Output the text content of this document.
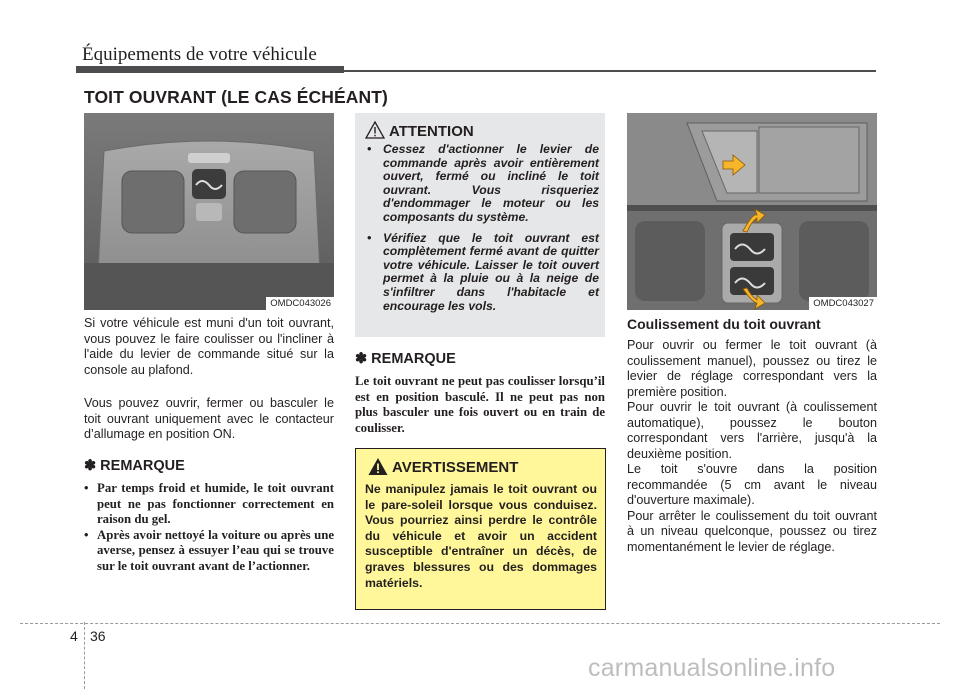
Équipements de votre véhicule
TOIT OUVRANT (LE CAS ÉCHÉANT)
OMDC043026
Si votre véhicule est muni d'un toit ouvrant, vous pouvez le faire coulisser ou l'incliner à l'aide du levier de commande situé sur la console au plafond.
Vous pouvez ouvrir, fermer ou basculer le toit ouvrant uniquement avec le contacteur d’allumage en position ON.
✽ REMARQUE
• Par temps froid et humide, le toit ouvrant peut ne pas fonctionner correctement en raison du gel.
• Après avoir nettoyé la voiture ou après une averse, pensez à essuyer l’eau qui se trouve sur le toit ouvrant avant de l’actionner.
ATTENTION
• Cessez d'actionner le levier de commande après avoir entièrement ouvert, fermé ou incliné le toit ouvrant. Vous risqueriez d'endommager le moteur ou les composants du système.
• Vérifiez que le toit ouvrant est complètement fermé avant de quitter votre véhicule. Laisser le toit ouvert permet à la pluie ou à la neige de s'infiltrer dans l'habitacle et encourage les vols.
✽ REMARQUE
Le toit ouvrant ne peut pas coulisser lorsqu’il est en position basculé. Il ne peut pas non plus basculer une fois ouvert ou en train de coulisser.
AVERTISSEMENT
Ne manipulez jamais le toit ouvrant ou le pare-soleil lorsque vous conduisez. Vous pourriez ainsi perdre le contrôle du véhicule et avoir un accident susceptible d'entraîner un décès, de graves blessures ou des dommages matériels.
OMDC043027
Coulissement du toit ouvrant
Pour ouvrir ou fermer le toit ouvrant (à coulissement manuel), poussez ou tirez le levier de réglage correspondant vers la première position.
Pour ouvrir le toit ouvrant (à coulissement automatique), poussez le bouton correspondant vers l'arrière, jusqu'à la deuxième position.
Le toit s'ouvre dans la position recommandée (5 cm avant le niveau d'ouverture maximale).
Pour arrêter le coulissement du toit ouvrant à un niveau quelconque, poussez ou tirez momentanément le levier de réglage.
4 36
carmanualsonline.info
